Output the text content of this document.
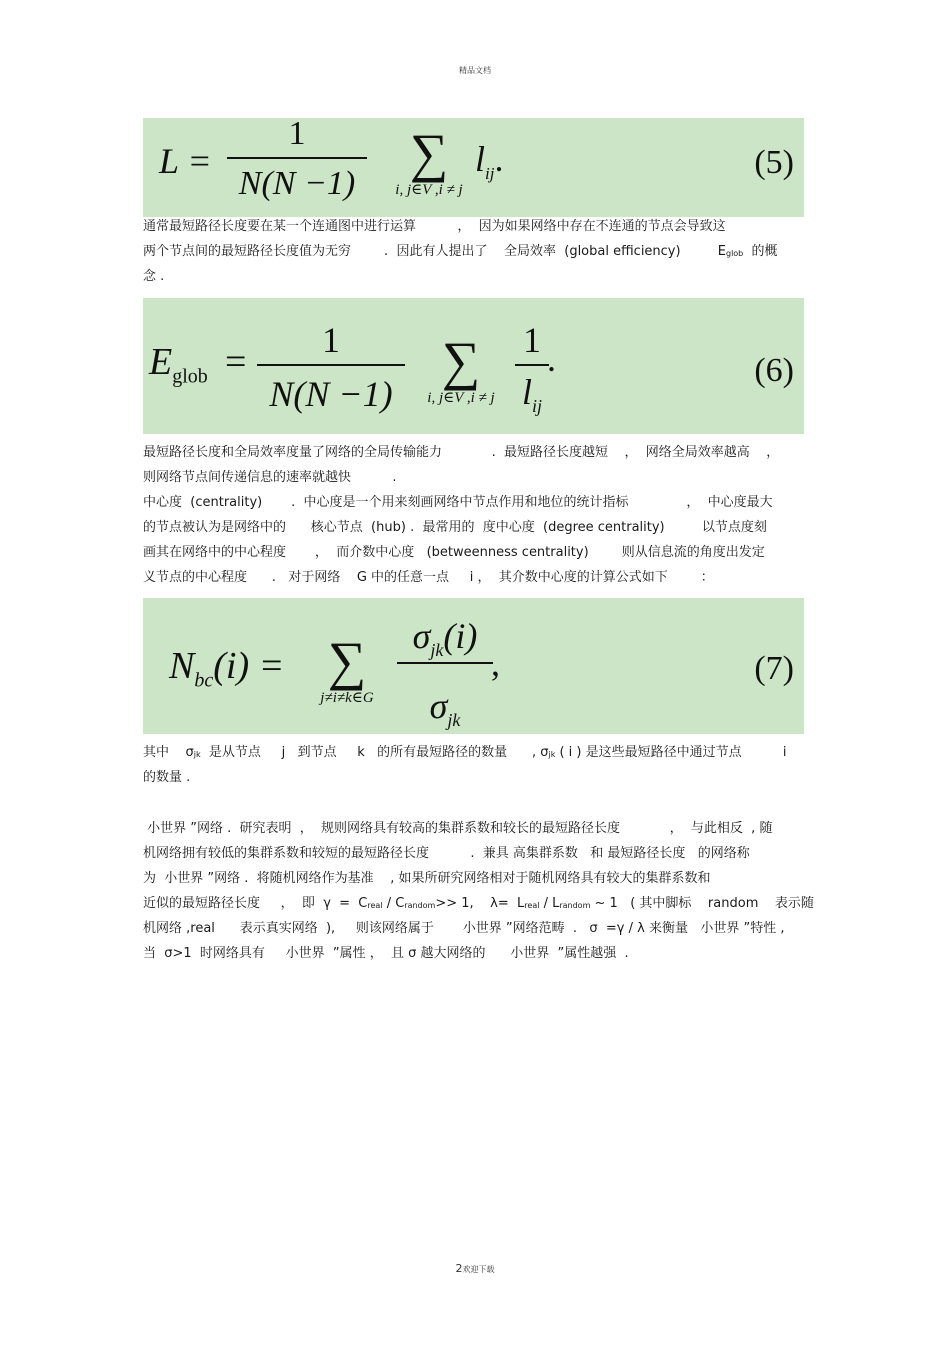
精品文档
L =
1
N(N −1)
∑
i, j∈V ,i ≠ j
$l_{ij}$.	(5)
通常最短路径长度要在某一个连通图中进行运算          ，  因为如果网络中存在不连通的节点会导致这
两个节点间的最短路径长度值为无穷        .  因此有人提出了    全局效率  (global efficiency)         $E_{glob}$  的概
念 .
$E_{glob}$ =
1
N(N −1)
∑
i, j∈V ,i ≠ j
1
$l_{ij}$
.	(6)
最短路径长度和全局效率度量了网络的全局传输能力            .  最短路径长度越短    ，  网络全局效率越高    ，
则网络节点间传递信息的速率就越快          .
中心度  (centrality)       .  中心度是一个用来刻画网络中节点作用和地位的统计指标              ，  中心度最大
的节点被认为是网络中的      核心节点  (hub) .  最常用的  度中心度  (degree centrality)         以节点度刻
画其在网络中的中心程度       ，  而介数中心度   (betweenness centrality)        则从信息流的角度出发定
义节点的中心程度      .   对于网络    G 中的任意一点     i ，  其介数中心度的计算公式如下        ：
$N_{bc}(i)$ = ∑
j≠i≠k∈G
$\sigma_{jk}(i)$
$\sigma_{jk}$
,	(7)
其中    $\sigma_{jk}$  是从节点     j   到节点     k   的所有最短路径的数量      , $\sigma_{jk}$ ( i ) 是这些最短路径中通过节点          i
的数量 .
小世界 ”网络 .  研究表明  ，  规则网络具有较高的集群系数和较长的最短路径长度            ，  与此相反  , 随
机网络拥有较低的集群系数和较短的最短路径长度          .  兼具 高集群系数   和 最短路径长度   的网络称
为  小世界 ”网络 .  将随机网络作为基准    , 如果所研究网络相对于随机网络具有较大的集群系数和
近似的最短路径长度     ，  即  $\gamma = C_{real} / C_{random}>> 1$,    $\lambda= L_{real} / L_{random}$ ~ 1   ( 其中脚标    random    表示随
机网络 ,real      表示真实网络  ),     则该网络属于       小世界 ”网络范畴  .   σ  =γ / λ 来衡量   小世界 ”特性 ,
当  σ>1  时网络具有     小世界  ”属性 ，  且 σ 越大网络的      小世界  ”属性越强  .
2欢迎下载
